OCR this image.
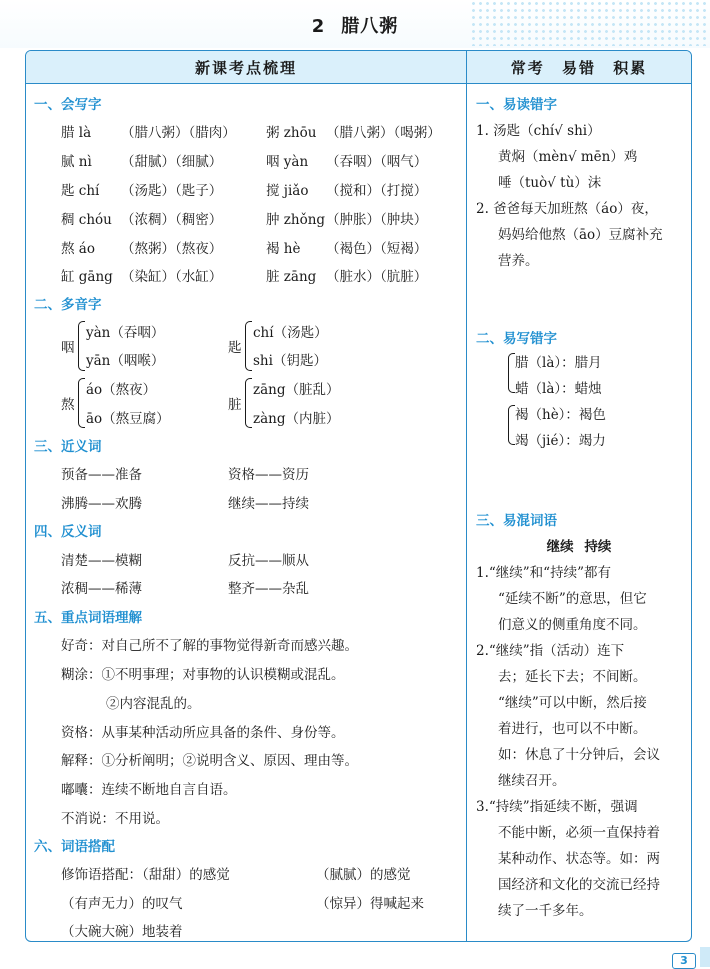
2 腊八粥
新课考点梳理	常考 易错 积累
一、会写字
腊 là （腊八粥）（腊肉） 粥 zhōu （腊八粥）（喝粥）
腻 nì （甜腻）（细腻）	咽 yàn （吞咽）（咽气）
匙 chí （汤匙）（匙子）	搅 jiǎo （搅和）（打搅）
稠 chóu （浓稠）（稠密）	肿 zhǒng （肿胀）（肿块）
熬 áo （熬粥）（熬夜）	褐 hè （褐色）（短褐）
缸 gāng （染缸）（水缸）	脏 zāng （脏水）（肮脏）
二、多音字
咽
yàn（吞咽）
yān（咽喉）
匙
chí（汤匙）
shi（钥匙）
熬
áo（熬夜）
āo（熬豆腐）
脏
zāng（脏乱）
zàng（内脏）
三、近义词
预备——准备	资格——资历
沸腾——欢腾	继续——持续
四、反义词
清楚——模糊	反抗——顺从
浓稠——稀薄	整齐——杂乱
五、重点词语理解
好奇：对自己所不了解的事物觉得新奇而感兴趣。
糊涂：①不明事理；对事物的认识模糊或混乱。
②内容混乱的。
资格：从事某种活动所应具备的条件、身份等。
解释：①分析阐明；②说明含义、原因、理由等。
嘟囔：连续不断地自言自语。
不消说：不用说。
六、词语搭配
修饰语搭配：（甜甜）的感觉	（腻腻）的感觉
（有声无力）的叹气	（惊异）得喊起来
（大碗大碗）地装着
一、易读错字
1. 汤匙（chí√ shi）
黄焖（mèn√ mēn）鸡
唾（tuò√ tù）沫
2. 爸爸每天加班熬（áo）夜，
妈妈给他熬（āo）豆腐补充
营养。
二、易写错字
腊（là）：腊月
蜡（là）：蜡烛
褐（hè）：褐色
竭（jié）：竭力
三、易混词语
继续 持续
1.“继续”和“持续”都有
“延续不断”的意思，但它
们意义的侧重角度不同。
2.“继续”指（活动）连下
去；延长下去；不间断。
“继续”可以中断，然后接
着进行，也可以不中断。
如：休息了十分钟后，会议
继续召开。
3.“持续”指延续不断，强调
不能中断，必须一直保持着
某种动作、状态等。如：两
国经济和文化的交流已经持
续了一千多年。
3
